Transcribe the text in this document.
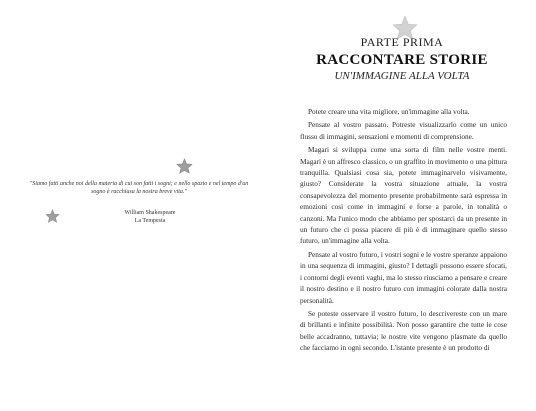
"Siamo fatti anche noi della materia di cui son fatti i sogni; e nello spazio e nel tempo d'un sogno è racchiusa la nostra breve vita."
William Shakespeare
La Tempesta
PARTE PRIMA
RACCONTARE STORIE
UN'IMMAGINE ALLA VOLTA

Potete creare una vita migliore, un'immagine alla volta.

Pensate al vostro passato. Potreste visualizzarlo come un unico flusso di immagini, sensazioni e momenti di comprensione.

Magari si sviluppa come una sorta di film nelle vostre menti. Magari è un affresco classico, o un graffito in movimento o una pittura tranquilla. Qualsiasi cosa sia, potete immaginarvelo visivamente, giusto? Considerate la vostra situazione attuale, la vostra consapevolezza del momento presente probabilmente sarà espressa in emozioni così come in immagini e forse a parole, in tonalità o canzoni. Ma l'unico modo che abbiamo per spostarci da un presente in un futuro che ci possa piacere di più è di immaginare quello stesso futuro, un'immagine alla volta.

Pensate al vostro futuro, i vostri sogni e le vostre speranze appaiono in una sequenza di immagini, giusto? I dettagli possono essere sfocati, i contorni degli eventi vaghi, ma lo stesso riusciamo a pensare e creare il nostro destino e il nostro futuro con immagini colorate dalla nostra personalità.

Se poteste osservare il vostro futuro, lo descrivereste con un mare di brillanti e infinite possibilità. Non posso garantire che tutte le cose belle accadranno, tuttavia; le nostre vite vengono plasmate da quello che facciamo in ogni secondo. L'istante presente è un prodotto di
